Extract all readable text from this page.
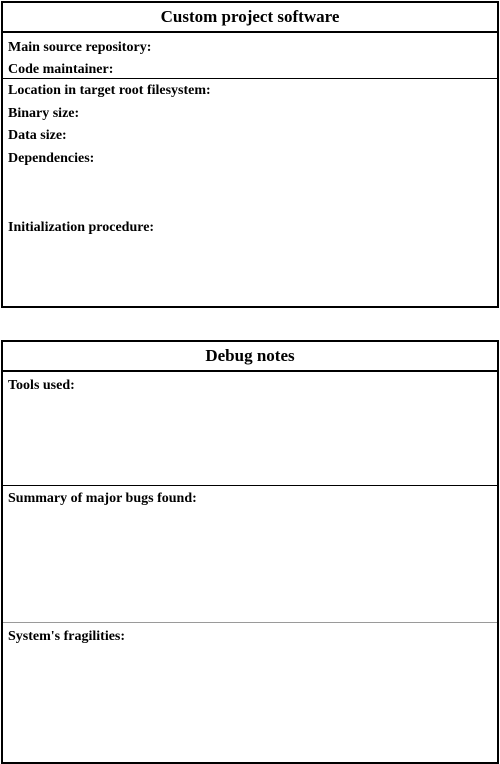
Custom project software
Main source repository:
Code maintainer:
Location in target root filesystem:
Binary size:
Data size:
Dependencies:
Initialization procedure:
Debug notes
Tools used:
Summary of major bugs found:
System's fragilities:
